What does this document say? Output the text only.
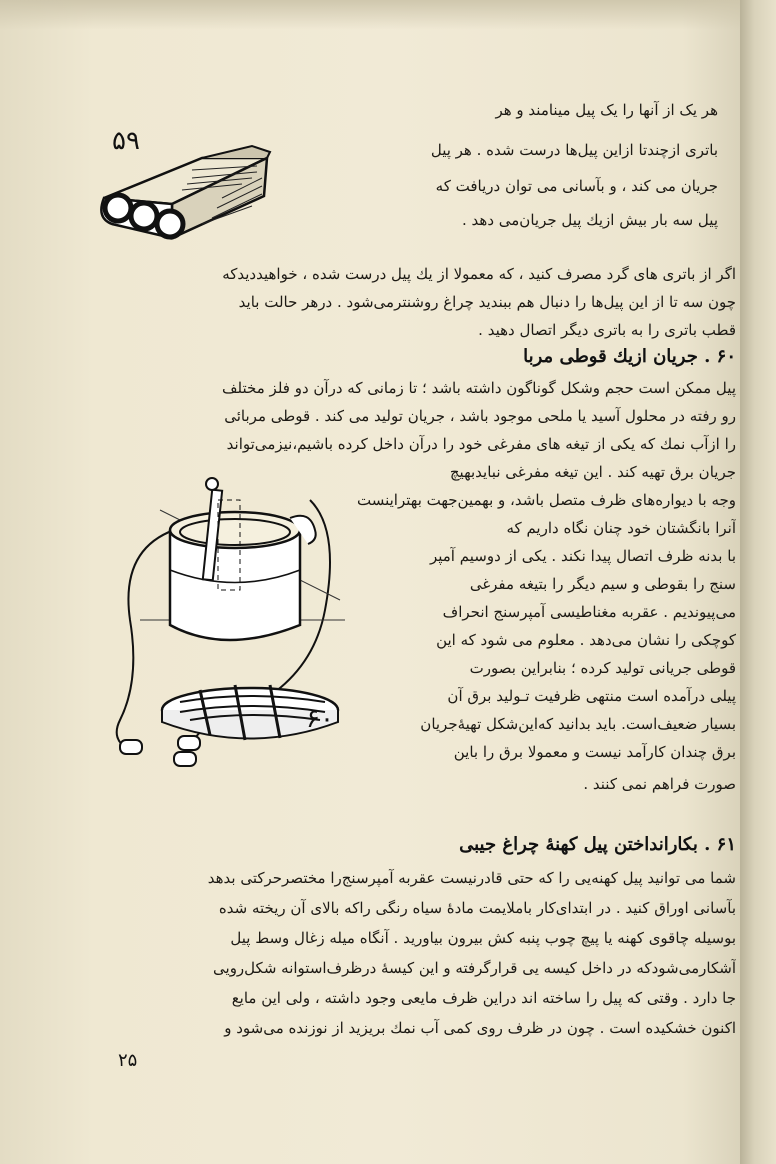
۵۹
هر یک از آنها را یک پیل مینامند و هر
باتری ازچندتا ازاین پیل‌ها درست شده . هر پیل
جریان می کند ، و بآسانی می توان دریافت که
پیل سه بار بیش ازیك پیل جریان‌می دهد .
اگر از باتری های گرد مصرف کنید ، که معمولا از یك پیل درست شده ، خواهیددیدکه
چون سه تا از این پیل‌ها را دنبال هم ببندید چراغ روشنترمی‌شود . درهر حالت باید
قطب باتری را به باتری دیگر اتصال دهید .
۶۰ . جریان ازیك قوطی مربا
پیل ممکن است حجم وشکل گوناگون داشته باشد ؛ تا زمانی که درآن دو فلز مختلف
رو رفته در محلول آسید یا ملحی موجود باشد ، جریان تولید می کند . قوطی مربائی
را ازآب نمك که یکی از تیغه های مفرغی خود را درآن داخل کرده باشیم،نیزمی‌تواند
جریان برق تهیه کند . این تیغه مفرغی نبایدبهیچ
وجه با دیواره‌های ظرف متصل باشد، و بهمین‌جهت بهتراینست
آنرا بانگشتان خود چنان نگاه داریم که
با بدنه ظرف اتصال پیدا نکند . یکی از دوسیم آمپر
سنج را بقوطی و سیم دیگر را بتیغه مفرغی
می‌پیوندیم . عقربه مغناطیسی آمپرسنج انحراف
کوچکی را نشان می‌دهد . معلوم می شود که این
قوطی جریانی تولید کرده ؛ بنابراین بصورت
پیلی درآمده است منتهی ظرفیت تـولید برق آن
بسیار ضعیف‌است. باید بدانید که‌این‌شکل تهیهٔ‌جریان
برق چندان کارآمد نیست و معمولا برق را باین
صورت فراهم نمی کنند .
۶۰
۶۱ . بکارانداختن پیل کهنهٔ چراغ جیبی
شما می توانید پیل کهنه‌یی را که حتی قادرنیست عقربه آمپرسنج‌را مختصرحرکتی بدهد
بآسانی اوراق کنید . در ابتدای‌کار باملایمت مادهٔ سیاه رنگی راکه بالای آن ریخته شده
بوسیله چاقوی کهنه یا پیچ چوب پنبه کش بیرون بیاورید . آنگاه میله زغال وسط پیل
آشکارمی‌شودکه در داخل کیسه یی قرارگرفته و این کیسهٔ درظرف‌استوانه شکل‌رویی
جا دارد . وقتی که پیل را ساخته اند دراین ظرف مایعی وجود داشته ، ولی این مایع
اکنون خشکیده است . چون در ظرف روی کمی آب نمك بریزید از نوزنده می‌شود و
۲۵
